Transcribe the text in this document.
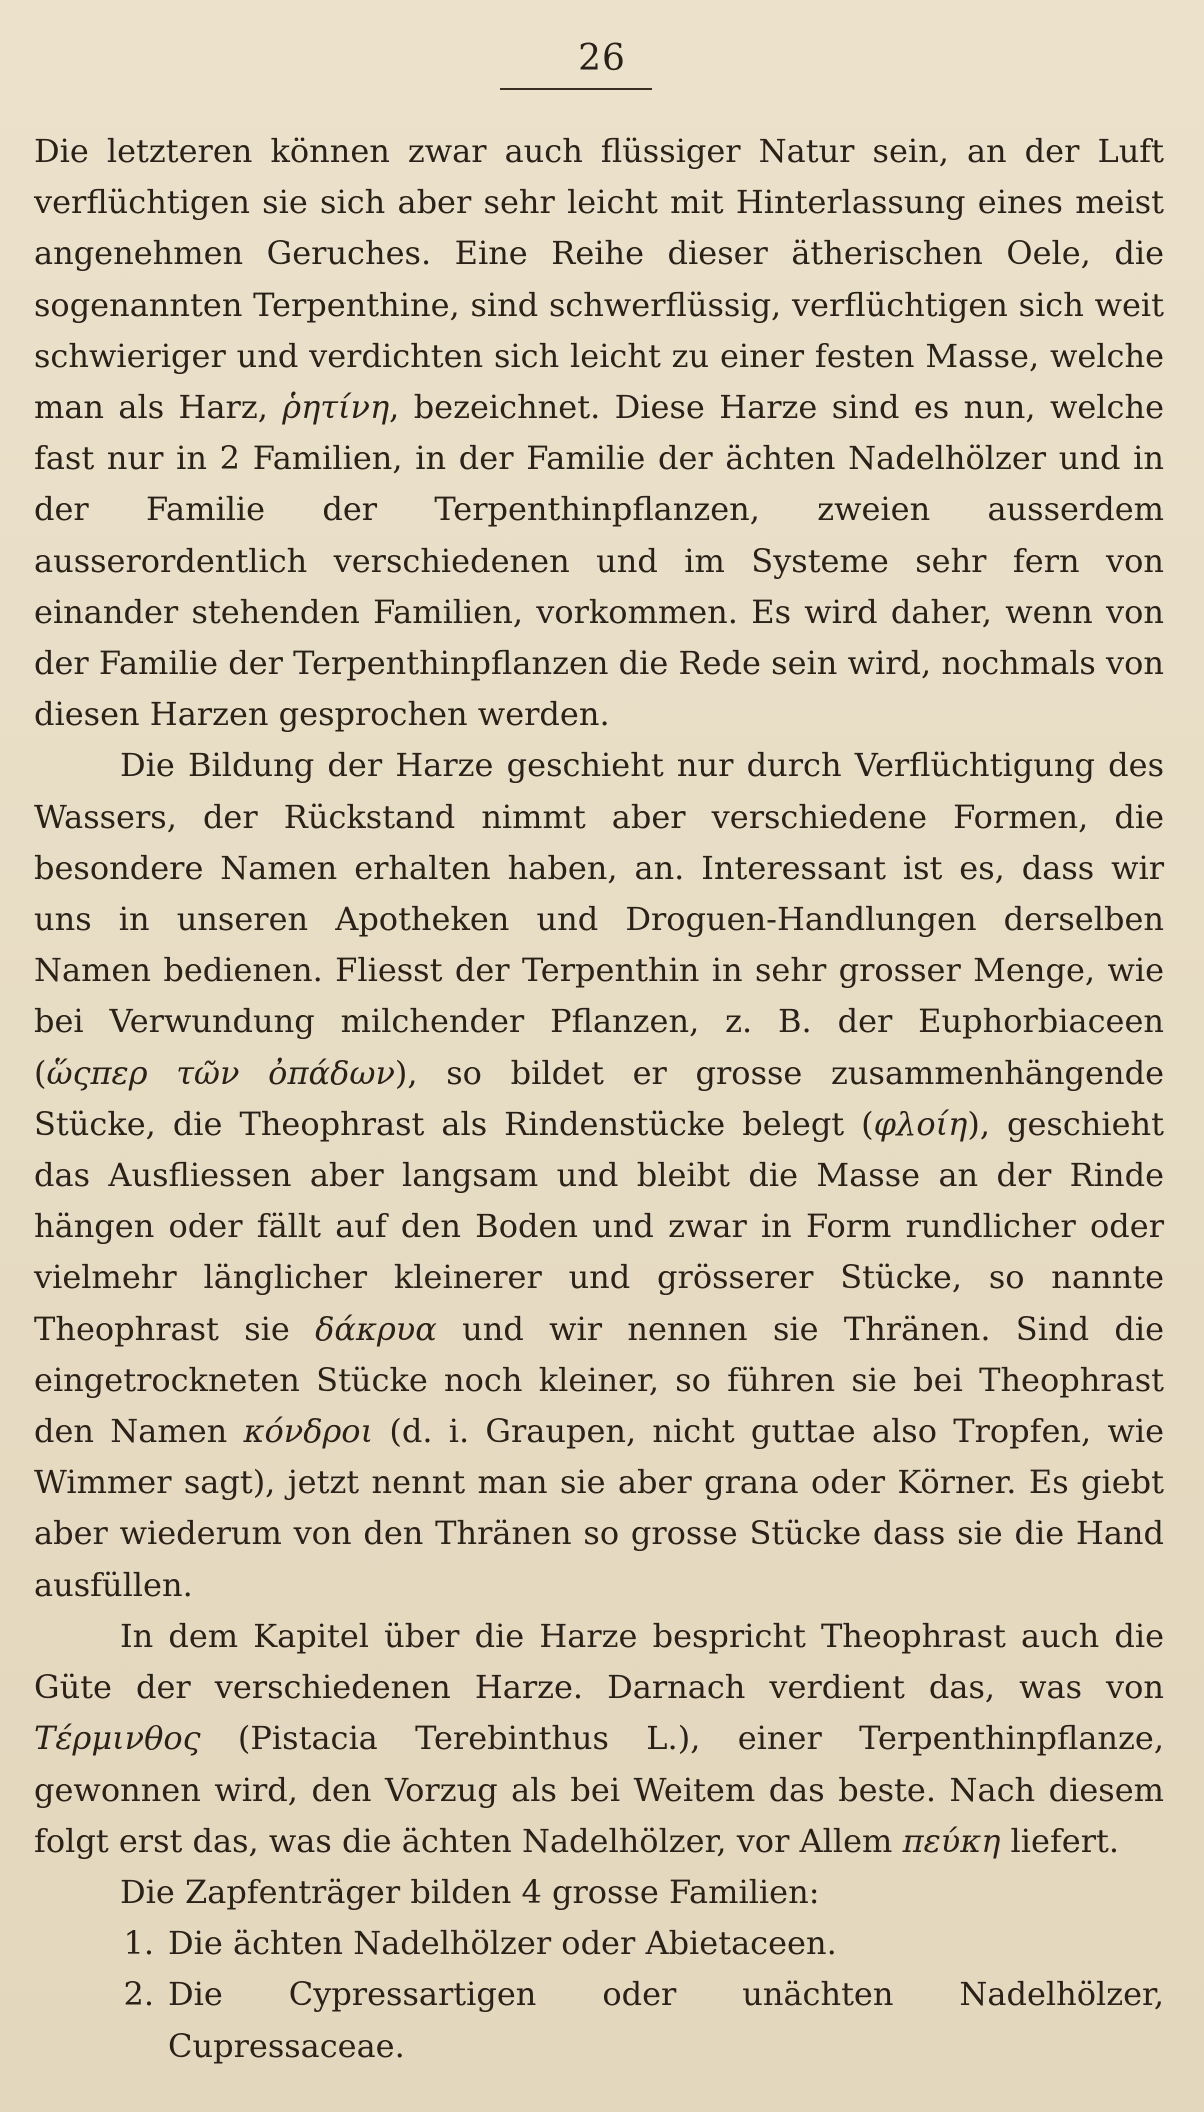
26

Die letzteren können zwar auch flüssiger Natur sein, an der Luft verflüchtigen sie sich aber sehr leicht mit Hinterlassung eines meist angenehmen Geruches. Eine Reihe dieser ätherischen Oele, die sogenannten Terpenthine, sind schwerflüssig, verflüchtigen sich weit schwieriger und verdichten sich leicht zu einer festen Masse, welche man als Harz, ῥητίνη, bezeichnet. Diese Harze sind es nun, welche fast nur in 2 Familien, in der Familie der ächten Nadelhölzer und in der Familie der Terpenthinpflanzen, zweien ausserdem ausserordentlich verschiedenen und im Systeme sehr fern von einander stehenden Familien, vorkommen. Es wird daher, wenn von der Familie der Terpenthinpflanzen die Rede sein wird, nochmals von diesen Harzen gesprochen werden.

Die Bildung der Harze geschieht nur durch Verflüchtigung des Wassers, der Rückstand nimmt aber verschiedene Formen, die besondere Namen erhalten haben, an. Interessant ist es, dass wir uns in unseren Apotheken und Droguen-Handlungen derselben Namen bedienen. Fliesst der Terpenthin in sehr grosser Menge, wie bei Verwundung milchender Pflanzen, z. B. der Euphorbiaceen (ὥςπερ τῶν ὀπάδων), so bildet er grosse zusammenhängende Stücke, die Theophrast als Rindenstücke belegt (φλοίη), geschieht das Ausfliessen aber langsam und bleibt die Masse an der Rinde hängen oder fällt auf den Boden und zwar in Form rundlicher oder vielmehr länglicher kleinerer und grösserer Stücke, so nannte Theophrast sie δάκρυα und wir nennen sie Thränen. Sind die eingetrockneten Stücke noch kleiner, so führen sie bei Theophrast den Namen κόνδροι (d. i. Graupen, nicht guttae also Tropfen, wie Wimmer sagt), jetzt nennt man sie aber grana oder Körner. Es giebt aber wiederum von den Thränen so grosse Stücke dass sie die Hand ausfüllen.

In dem Kapitel über die Harze bespricht Theophrast auch die Güte der verschiedenen Harze. Darnach verdient das, was von Τέρμινθος (Pistacia Terebinthus L.), einer Terpenthinpflanze, gewonnen wird, den Vorzug als bei Weitem das beste. Nach diesem folgt erst das, was die ächten Nadelhölzer, vor Allem πεύκη liefert.

Die Zapfenträger bilden 4 grosse Familien:

1. Die ächten Nadelhölzer oder Abietaceen.
2. Die Cypressartigen oder unächten Nadelhölzer, Cupressaceae.
